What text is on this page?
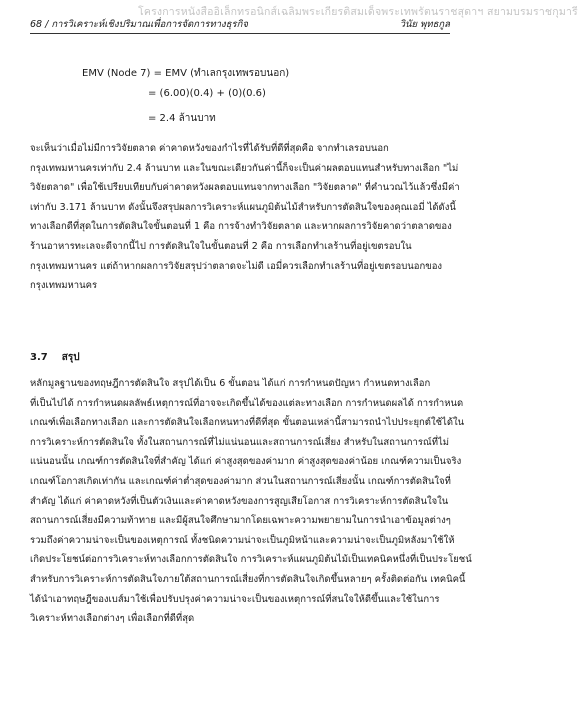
โครงการหนังสืออิเล็กทรอนิกส์เฉลิมพระเกียรติสมเด็จพระเทพรัตนราชสุดาฯ สยามบรมราชกุมารี
68 / การวิเคราะห์เชิงปริมาณเพื่อการจัดการทางธุรกิจ	วินัย พุทธกูล
EMV (Node 7) = EMV (ทำเลกรุงเทพรอบนอก)
= (6.00)(0.4) + (0)(0.6)
= 2.4 ล้านบาท
จะเห็นว่าเมื่อไม่มีการวิจัยตลาด ค่าคาดหวังของกำไรที่ได้รับที่ดีที่สุดคือ จากทำเลรอบนอก
กรุงเทพมหานครเท่ากับ 2.4 ล้านบาท และในขณะเดียวกันค่านี้ก็จะเป็นค่าผลตอบแทนสำหรับทางเลือก "ไม่
วิจัยตลาด" เพื่อใช้เปรียบเทียบกับค่าคาดหวังผลตอบแทนจากทางเลือก "วิจัยตลาด" ที่คำนวณไว้แล้วซึ่งมีค่า
เท่ากับ 3.171 ล้านบาท ดังนั้นจึงสรุปผลการวิเคราะห์แผนภูมิต้นไม้สำหรับการตัดสินใจของคุณเอมี่ ได้ดังนี้
ทางเลือกดีที่สุดในการตัดสินใจขั้นตอนที่ 1 คือ การจ้างทำวิจัยตลาด และหากผลการวิจัยคาดว่าตลาดของ
ร้านอาหารทะเลจะดีจากนี้ไป การตัดสินใจในขั้นตอนที่ 2 คือ การเลือกทำเลร้านที่อยู่เขตรอบใน
กรุงเทพมหานคร แต่ถ้าหากผลการวิจัยสรุปว่าตลาดจะไม่ดี เอมี่ควรเลือกทำเลร้านที่อยู่เขตรอบนอกของ
กรุงเทพมหานคร
3.7 สรุป
หลักมูลฐานของทฤษฎีการตัดสินใจ สรุปได้เป็น 6 ขั้นตอน ได้แก่ การกำหนดปัญหา กำหนดทางเลือก
ที่เป็นไปได้ การกำหนดผลลัพธ์เหตุการณ์ที่อาจจะเกิดขึ้นได้ของแต่ละทางเลือก การกำหนดผลได้ การกำหนด
เกณฑ์เพื่อเลือกทางเลือก และการตัดสินใจเลือกหนทางที่ดีที่สุด ขั้นตอนเหล่านี้สามารถนำไปประยุกต์ใช้ได้ใน
การวิเคราะห์การตัดสินใจ ทั้งในสถานการณ์ที่ไม่แน่นอนและสถานการณ์เสี่ยง สำหรับในสถานการณ์ที่ไม่
แน่นอนนั้น เกณฑ์การตัดสินใจที่สำคัญ ได้แก่ ค่าสูงสุดของค่ามาก ค่าสูงสุดของค่าน้อย เกณฑ์ความเป็นจริง
เกณฑ์โอกาสเกิดเท่ากัน และเกณฑ์ค่าต่ำสุดของค่ามาก ส่วนในสถานการณ์เสี่ยงนั้น เกณฑ์การตัดสินใจที่
สำคัญ ได้แก่ ค่าคาดหวังที่เป็นตัวเงินและค่าคาดหวังของการสูญเสียโอกาส การวิเคราะห์การตัดสินใจใน
สถานการณ์เสี่ยงมีความท้าทาย และมีผู้สนใจศึกษามากโดยเฉพาะความพยายามในการนำเอาข้อมูลต่างๆ
รวมถึงค่าความน่าจะเป็นของเหตุการณ์ ทั้งชนิดความน่าจะเป็นภูมิหน้าและความน่าจะเป็นภูมิหลังมาใช้ให้
เกิดประโยชน์ต่อการวิเคราะห์ทางเลือกการตัดสินใจ การวิเคราะห์แผนภูมิต้นไม้เป็นเทคนิคหนึ่งที่เป็นประโยชน์
สำหรับการวิเคราะห์การตัดสินใจภายใต้สถานการณ์เสี่ยงที่การตัดสินใจเกิดขึ้นหลายๆ ครั้งติดต่อกัน เทคนิคนี้
ได้นำเอาทฤษฎีของเบส์มาใช้เพื่อปรับปรุงค่าความน่าจะเป็นของเหตุการณ์ที่สนใจให้ดีขึ้นและใช้ในการ
วิเคราะห์ทางเลือกต่างๆ เพื่อเลือกที่ดีที่สุด
